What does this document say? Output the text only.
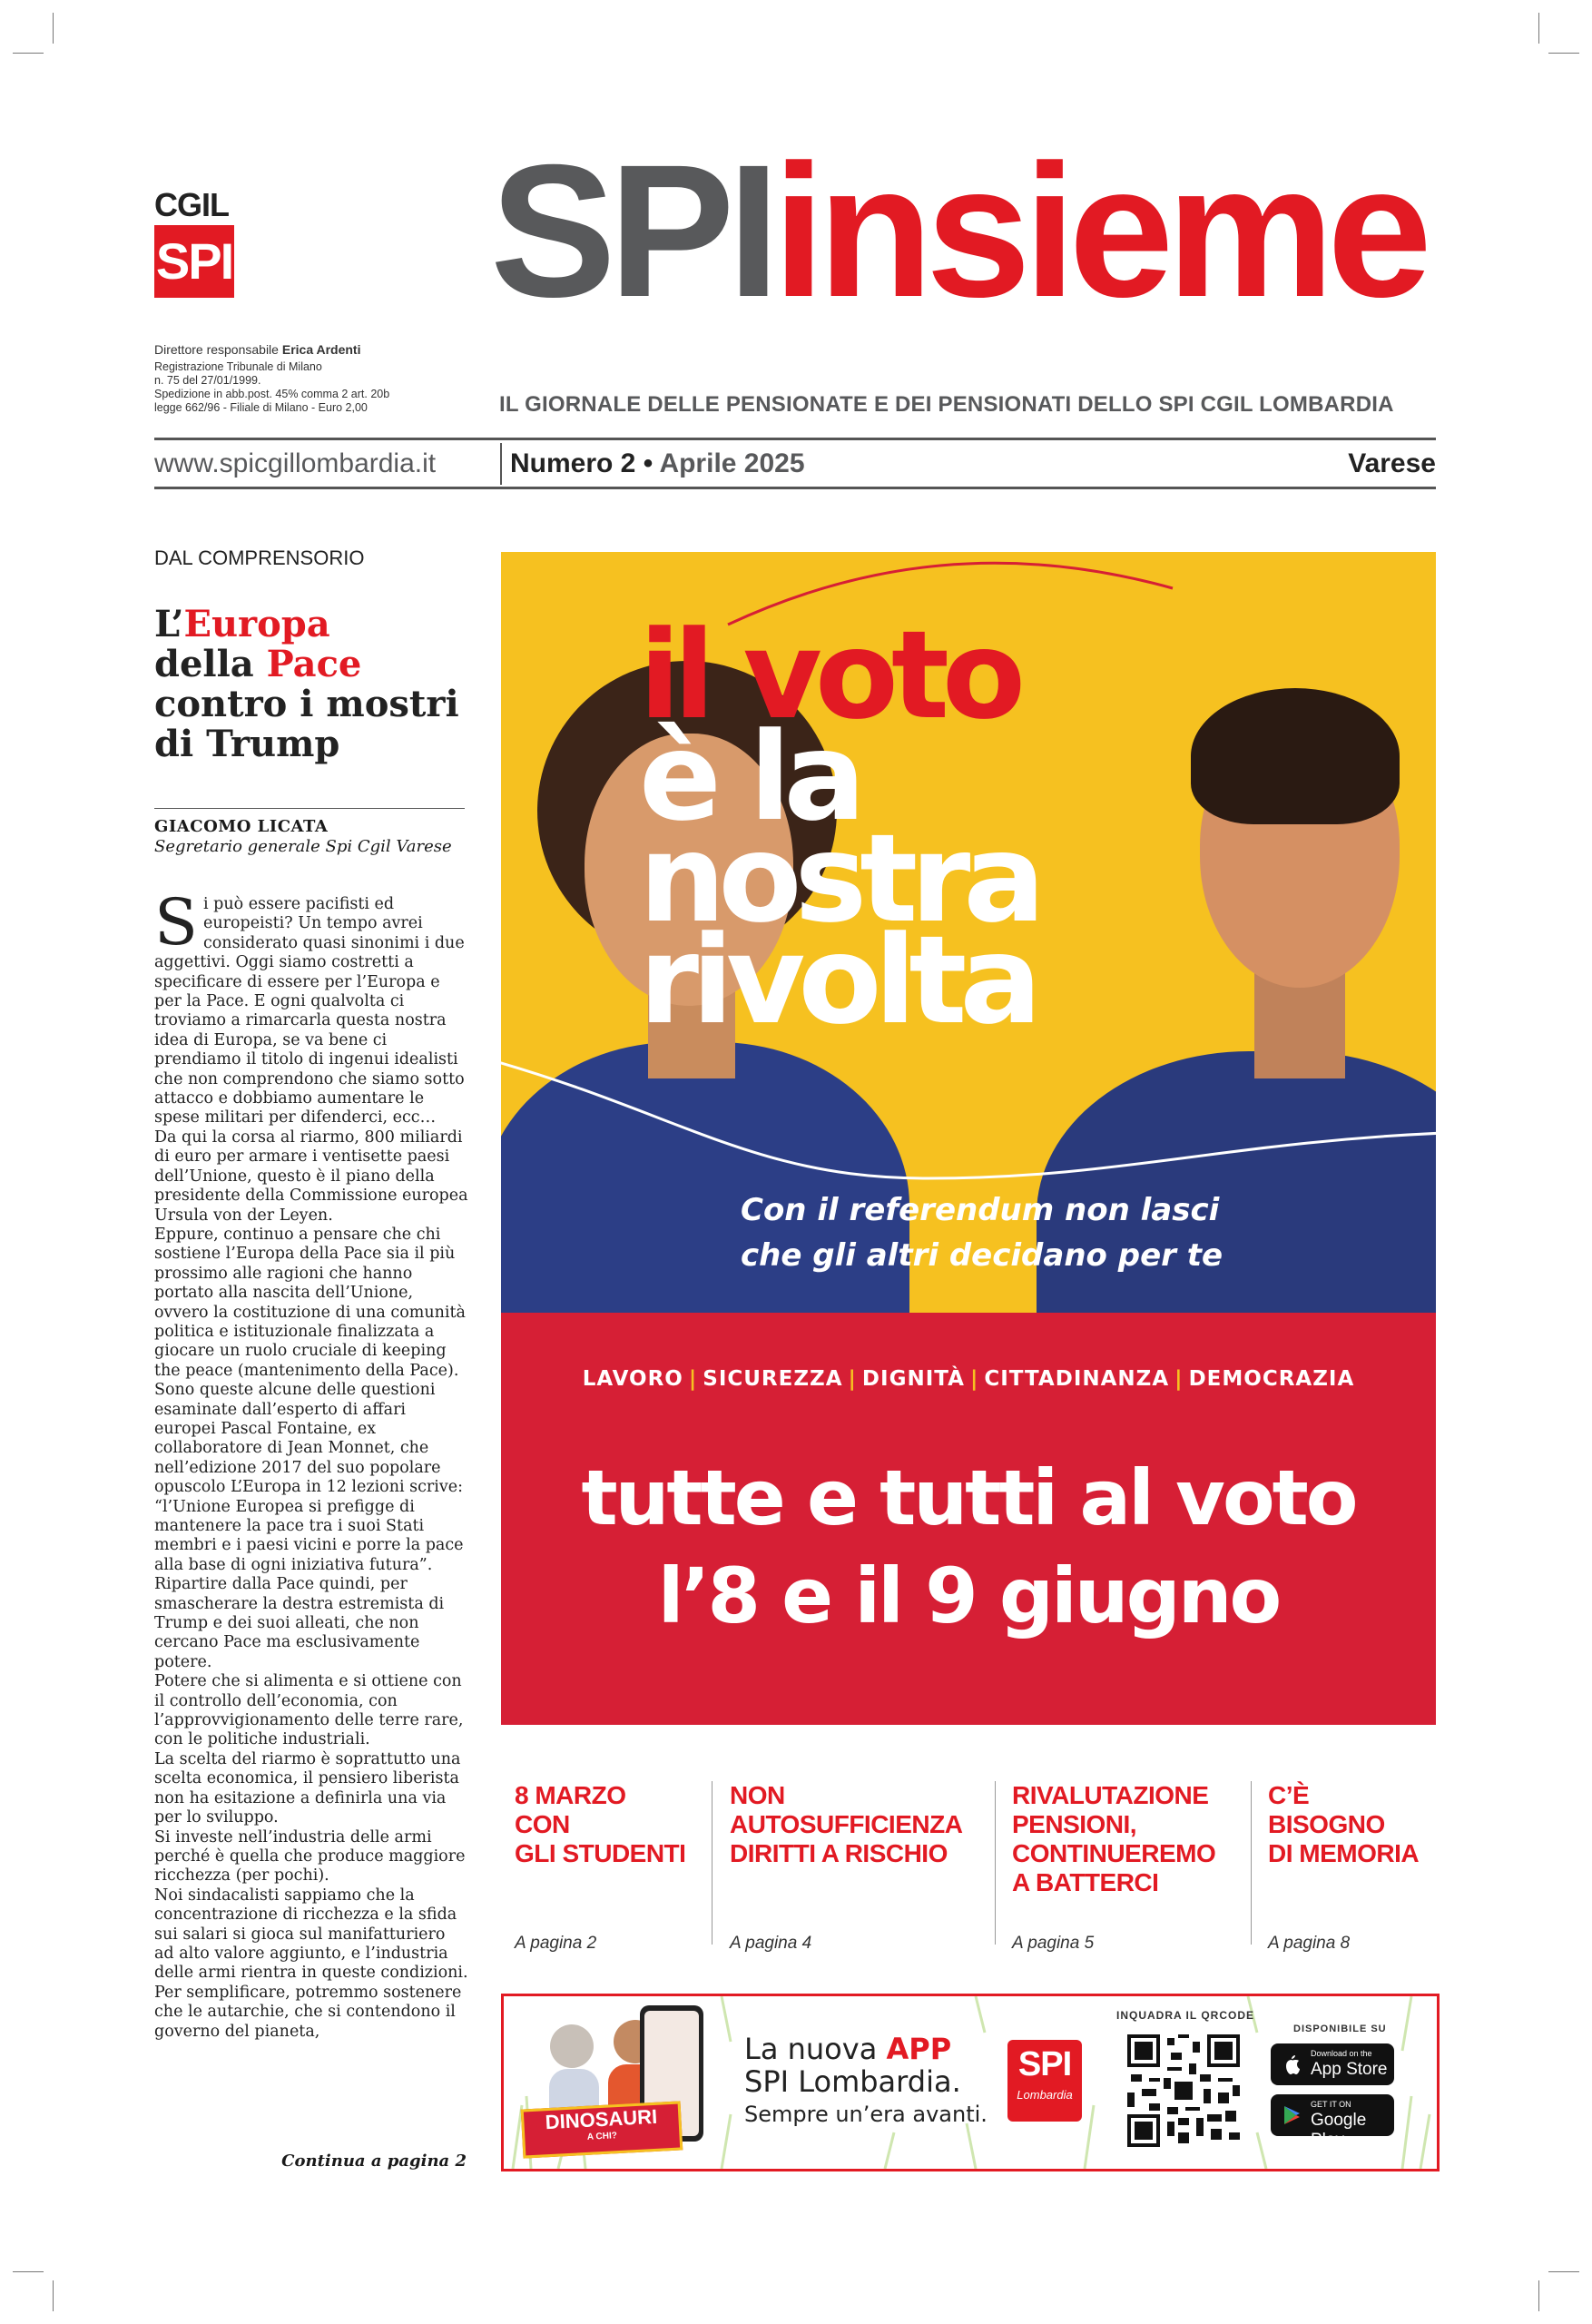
CGIL
SPI SPIinsieme
Direttore responsabile Erica Ardenti
Registrazione Tribunale di Milano
n. 75 del 27/01/1999.
Spedizione in abb.post. 45% comma 2 art. 20b
legge 662/96 - Filiale di Milano - Euro 2,00	IL GIORNALE DELLE PENSIONATE E DEI PENSIONATI DELLO SPI CGIL LOMBARDIA
www.spicgillombardia.it	Numero 2 • Aprile 2025	Varese
DAL COMPRENSORIO
L’Europa
della Pace
contro i mostri
di Trump
GIACOMO LICATA
Segretario generale Spi Cgil Varese

Si può essere pacifisti ed europeisti? Un tempo avrei considerato quasi sinonimi i due aggettivi. Oggi siamo costretti a specificare di essere per l’Europa e per la Pace. E ogni qualvolta ci troviamo a rimarcarla questa nostra idea di Europa, se va bene ci prendiamo il titolo di ingenui idealisti che non comprendono che siamo sotto attacco e dobbiamo aumentare le spese militari per difenderci, ecc…

Da qui la corsa al riarmo, 800 miliardi di euro per armare i ventisette paesi dell’Unione, questo è il piano della presidente della Commissione europea Ursula von der Leyen.

Eppure, continuo a pensare che chi sostiene l’Europa della Pace sia il più prossimo alle ragioni che hanno portato alla nascita dell’Unione, ovvero la costituzione di una comunità politica e istituzionale finalizzata a giocare un ruolo cruciale di keeping the peace (mantenimento della Pace).

Sono queste alcune delle questioni esaminate dall’esperto di affari europei Pascal Fontaine, ex collaboratore di Jean Monnet, che nell’edizione 2017 del suo popolare opuscolo L’Europa in 12 lezioni scrive: “l’Unione Europea si prefigge di mantenere la pace tra i suoi Stati membri e i paesi vicini e porre la pace alla base di ogni iniziativa futura”.

Ripartire dalla Pace quindi, per smascherare la destra estremista di Trump e dei suoi alleati, che non cercano Pace ma esclusivamente potere.

Potere che si alimenta e si ottiene con il controllo dell’economia, con l’approvvigionamento delle terre rare, con le politiche industriali.

La scelta del riarmo è soprattutto una scelta economica, il pensiero liberista non ha esitazione a definirla una via per lo sviluppo.

Si investe nell’industria delle armi perché è quella che produce maggiore ricchezza (per pochi).

Noi sindacalisti sappiamo che la concentrazione di ricchezza e la sfida sui salari si gioca sul manifatturiero ad alto valore aggiunto, e l’industria delle armi rientra in queste condizioni.

Per semplificare, potremmo sostenere che le autarchie, che si contendono il governo del pianeta,

Continua a pagina 2
il voto
è la
nostra
rivolta
Con il referendum non lasci
che gli altri decidano per te
LAVORO | SICUREZZA | DIGNITÀ | CITTADINANZA | DEMOCRAZIA
tutte e tutti al voto
l’8 e il 9 giugno
8 MARZO
CON
GLI STUDENTI
A pagina 2
NON
AUTOSUFFICIENZA
DIRITTI A RISCHIO
A pagina 4
RIVALUTAZIONE
PENSIONI,
CONTINUEREMO
A BATTERCI
A pagina 5
C’È
BISOGNO
DI MEMORIA
A pagina 8
DINOSAURI
A CHI?
La nuova APP
SPI Lombardia.
Sempre un’era avanti.
SPI
Lombardia
INQUADRA IL QRCODE
DISPONIBILE SU
Download on the
App Store
GET IT ON
Google Play
